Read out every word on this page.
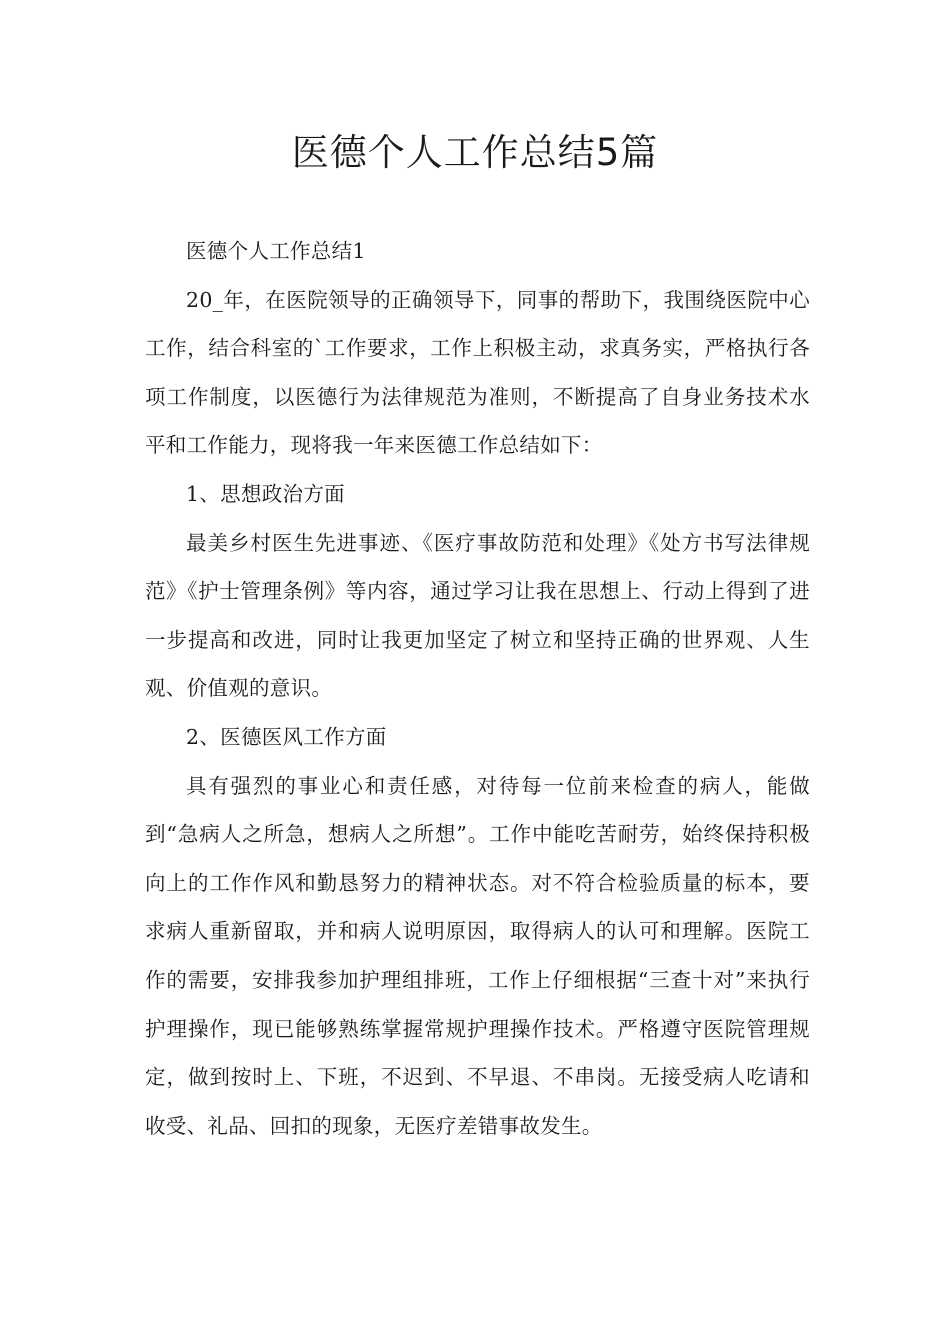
医德个人工作总结5篇

医德个人工作总结1

20_年，在医院领导的正确领导下，同事的帮助下，我围绕医院中心工作，结合科室的`工作要求，工作上积极主动，求真务实，严格执行各项工作制度，以医德行为法律规范为准则，不断提高了自身业务技术水平和工作能力，现将我一年来医德工作总结如下：

1、思想政治方面

最美乡村医生先进事迹、《医疗事故防范和处理》《处方书写法律规范》《护士管理条例》等内容，通过学习让我在思想上、行动上得到了进一步提高和改进，同时让我更加坚定了树立和坚持正确的世界观、人生观、价值观的意识。

2、医德医风工作方面

具有强烈的事业心和责任感，对待每一位前来检查的病人，能做到“急病人之所急，想病人之所想”。工作中能吃苦耐劳，始终保持积极向上的工作作风和勤恳努力的精神状态。对不符合检验质量的标本，要求病人重新留取，并和病人说明原因，取得病人的认可和理解。医院工作的需要，安排我参加护理组排班，工作上仔细根据“三查十对”来执行护理操作，现已能够熟练掌握常规护理操作技术。严格遵守医院管理规定，做到按时上、下班，不迟到、不早退、不串岗。无接受病人吃请和收受、礼品、回扣的现象，无医疗差错事故发生。
